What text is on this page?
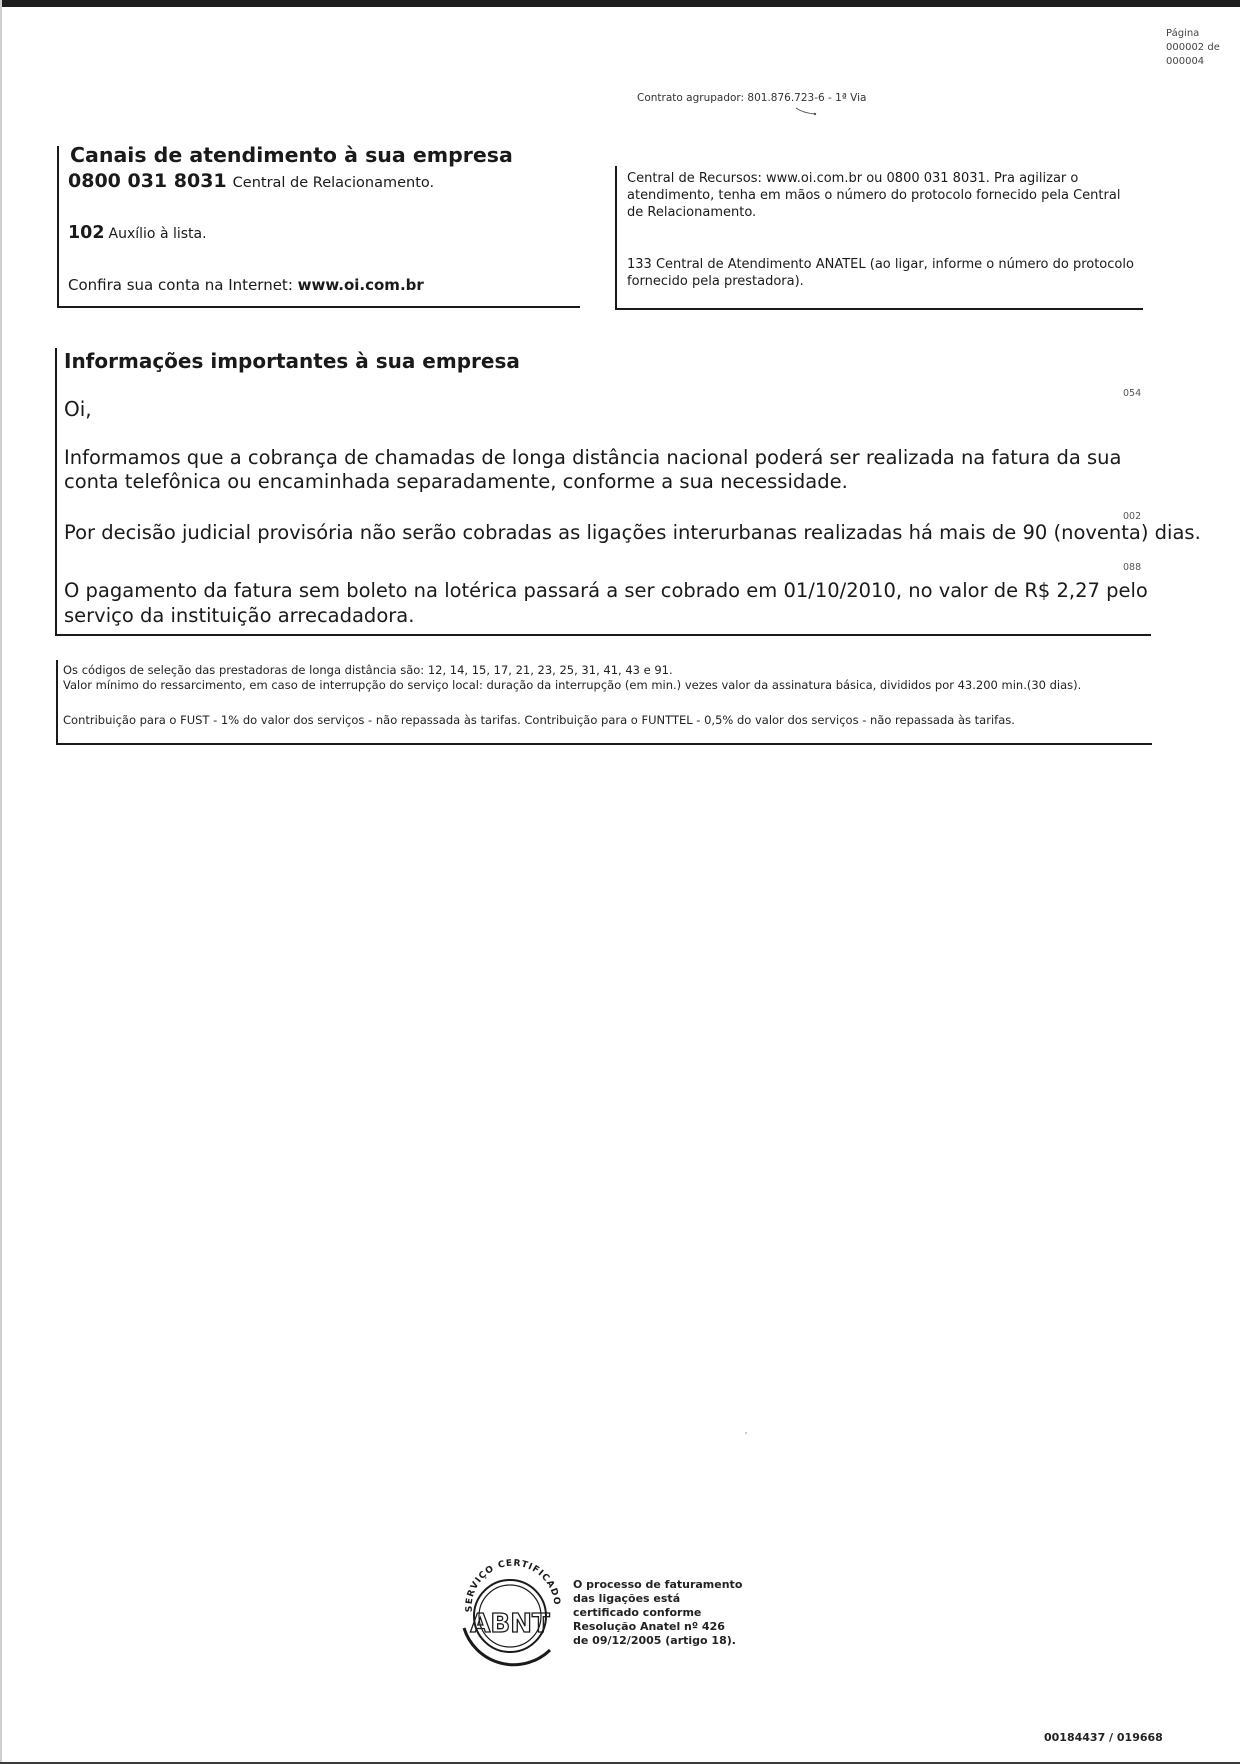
Página
000002 de
000004
Contrato agrupador: 801.876.723-6 - 1ª Via
Canais de atendimento à sua empresa
0800 031 8031 Central de Relacionamento.
102 Auxílio à lista.
Confira sua conta na Internet: www.oi.com.br
Central de Recursos: www.oi.com.br ou 0800 031 8031. Pra agilizar o atendimento, tenha em mãos o número do protocolo fornecido pela Central de Relacionamento.
133 Central de Atendimento ANATEL (ao ligar, informe o número do protocolo fornecido pela prestadora).
Informações importantes à sua empresa
Oi,
054
Informamos que a cobrança de chamadas de longa distância nacional poderá ser realizada na fatura da sua conta telefônica ou encaminhada separadamente, conforme a sua necessidade.
002
Por decisão judicial provisória não serão cobradas as ligações interurbanas realizadas há mais de 90 (noventa) dias.
088
O pagamento da fatura sem boleto na lotérica passará a ser cobrado em 01/10/2010, no valor de R$ 2,27 pelo serviço da instituição arrecadadora.
Os códigos de seleção das prestadoras de longa distância são: 12, 14, 15, 17, 21, 23, 25, 31, 41, 43 e 91.
Valor mínimo do ressarcimento, em caso de interrupção do serviço local: duração da interrupção (em min.) vezes valor da assinatura básica, divididos por 43.200 min.(30 dias).
Contribuição para o FUST - 1% do valor dos serviços - não repassada às tarifas. Contribuição para o FUNTTEL - 0,5% do valor dos serviços - não repassada às tarifas.
SERVIÇO CERTIFICADO
ABNT
O processo de faturamento das ligações está certificado conforme Resolução Anatel nº 426 de 09/12/2005 (artigo 18).
00184437 / 019668
